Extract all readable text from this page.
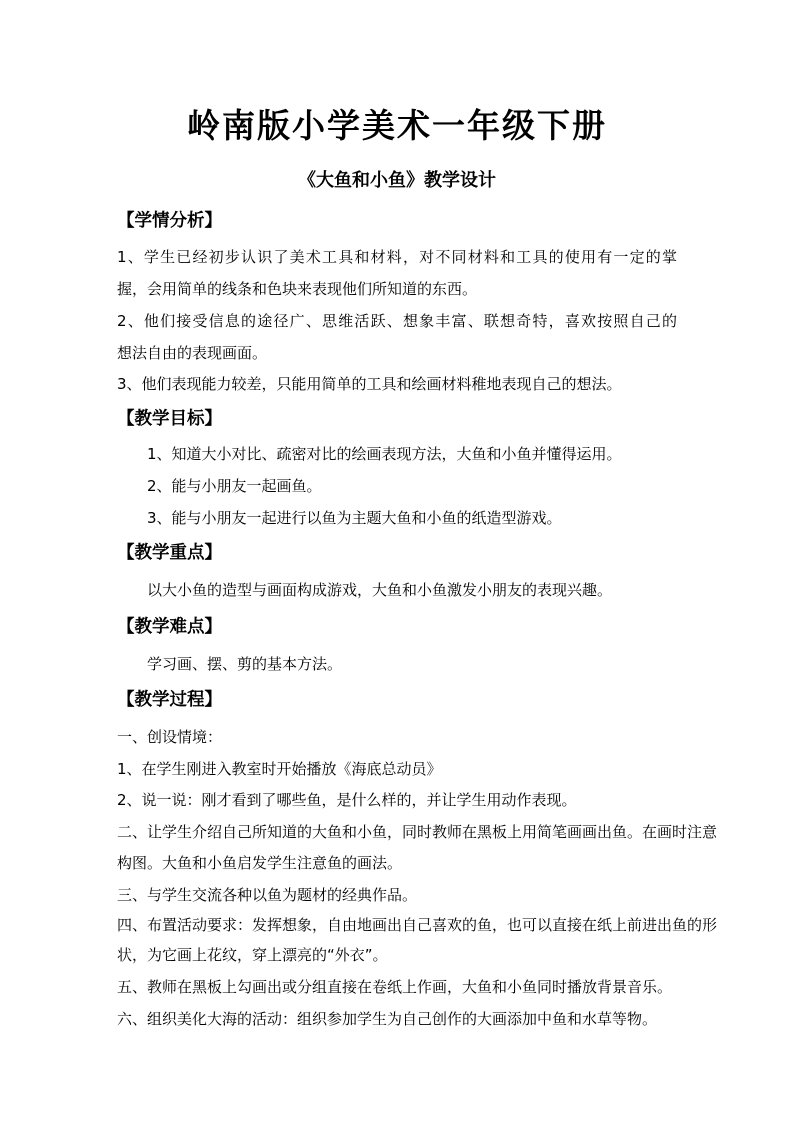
岭南版小学美术一年级下册
《大鱼和小鱼》教学设计
【学情分析】
1、学生已经初步认识了美术工具和材料，对不同材料和工具的使用有一定的掌
握，会用简单的线条和色块来表现他们所知道的东西。
2、他们接受信息的途径广、思维活跃、想象丰富、联想奇特，喜欢按照自己的
想法自由的表现画面。
3、他们表现能力较差，只能用简单的工具和绘画材料稚地表现自己的想法。
【教学目标】
1、知道大小对比、疏密对比的绘画表现方法，大鱼和小鱼并懂得运用。
2、能与小朋友一起画鱼。
3、能与小朋友一起进行以鱼为主题大鱼和小鱼的纸造型游戏。
【教学重点】
以大小鱼的造型与画面构成游戏，大鱼和小鱼激发小朋友的表现兴趣。
【教学难点】
学习画、摆、剪的基本方法。
【教学过程】
一、创设情境：
1、在学生刚进入教室时开始播放《海底总动员》
2、说一说：刚才看到了哪些鱼，是什么样的，并让学生用动作表现。
二、让学生介绍自己所知道的大鱼和小鱼，同时教师在黑板上用简笔画画出鱼。在画时注意
构图。大鱼和小鱼启发学生注意鱼的画法。
三、与学生交流各种以鱼为题材的经典作品。
四、布置活动要求：发挥想象，自由地画出自己喜欢的鱼，也可以直接在纸上前进出鱼的形
状，为它画上花纹，穿上漂亮的“外衣”。
五、教师在黑板上勾画出或分组直接在卷纸上作画，大鱼和小鱼同时播放背景音乐。
六、组织美化大海的活动：组织参加学生为自己创作的大画添加中鱼和水草等物。
